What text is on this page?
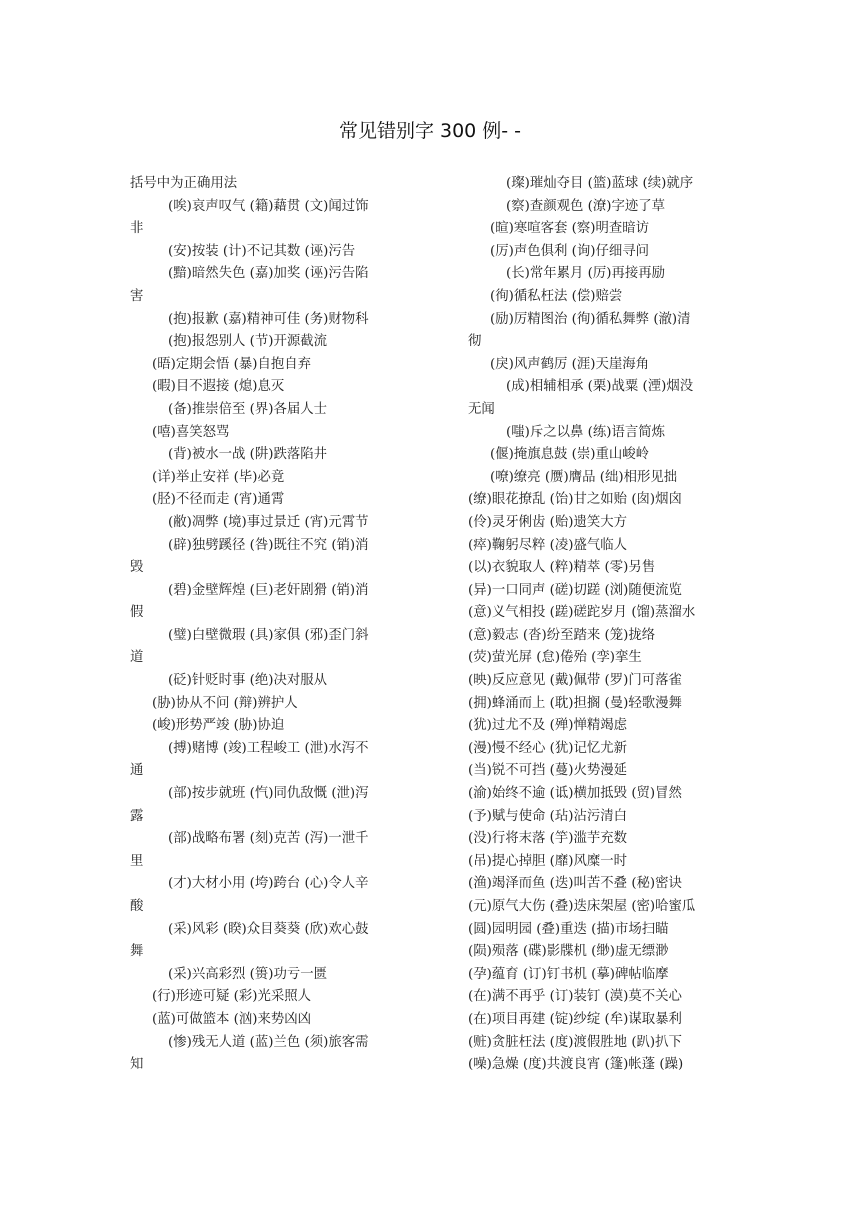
常见错别字 300 例- -
括号中为正确用法
(唉)哀声叹气 (籍)藉贯 (文)闻过饰
非
(安)按装 (计)不记其数 (诬)污告
(黯)暗然失色 (嘉)加奖 (诬)污告陷
害
(抱)报歉 (嘉)精神可佳 (务)财物科
(抱)报怨别人 (节)开源截流
(晤)定期会悟 (暴)自抱自弃
(暇)目不遐接 (熄)息灭
(备)推崇倍至 (界)各届人士
(嘻)喜笑怒骂
(背)被水一战 (阱)跌落陷井
(详)举止安祥 (毕)必竟
(胫)不径而走 (宵)通霄
(敝)凋弊 (境)事过景迁 (宵)元霄节
(辟)独劈蹊径 (咎)既往不究 (销)消
毁
(碧)金壁辉煌 (巨)老奸剧猾 (销)消
假
(璧)白壁微瑕 (具)家俱 (邪)歪门斜
道
(砭)针贬时事 (绝)决对服从
(胁)协从不问 (辩)辨护人
(峻)形势严竣 (胁)协迫
(搏)赌博 (竣)工程峻工 (泄)水泻不
通
(部)按步就班 (忾)同仇敌慨 (泄)泻
露
(部)战略布署 (刻)克苦 (泻)一泄千
里
(才)大材小用 (垮)跨台 (心)令人辛
酸
(采)风彩 (睽)众目葵葵 (欣)欢心鼓
舞
(采)兴高彩烈 (篑)功亏一匮
(行)形迹可疑 (彩)光采照人
(蓝)可做篮本 (汹)来势凶凶
(惨)残无人道 (蓝)兰色 (须)旅客需
知
(璨)璀灿夺目 (篮)蓝球 (续)就序
(察)查颜观色 (潦)字迹了草
(暄)寒喧客套 (察)明查暗访
(厉)声色俱利 (询)仔细寻问
(长)常年累月 (厉)再接再励
(徇)循私枉法 (偿)赔尝
(励)厉精图治 (徇)循私舞弊 (澈)清
彻
(戾)风声鹤厉 (涯)天崖海角
(成)相辅相承 (栗)战粟 (湮)烟没
无闻
(嗤)斥之以鼻 (练)语言简炼
(偃)掩旗息鼓 (崇)重山峻岭
(嘹)缭亮 (赝)膺品 (绌)相形见拙
(缭)眼花撩乱 (饴)甘之如贻 (囱)烟囟
(伶)灵牙俐齿 (贻)遗笑大方
(瘁)鞠躬尽粹 (凌)盛气临人
(以)衣貌取人 (粹)精萃 (零)另售
(异)一口同声 (磋)切蹉 (浏)随便流览
(意)义气相投 (蹉)磋跎岁月 (馏)蒸溜水
(意)毅志 (沓)纷至踏来 (笼)拢络
(荧)萤光屏 (怠)倦殆 (孪)挛生
(映)反应意见 (戴)佩带 (罗)门可落雀
(拥)蜂涌而上 (耽)担搁 (曼)轻歌漫舞
(犹)过尤不及 (殚)惮精竭虑
(漫)慢不经心 (犹)记忆尤新
(当)锐不可挡 (蔓)火势漫延
(渝)始终不逾 (诋)横加抵毁 (贸)冒然
(予)赋与使命 (玷)沾污清白
(没)行将末落 (竽)滥芋充数
(吊)提心掉胆 (靡)风糜一时
(渔)竭泽而鱼 (迭)叫苦不叠 (秘)密诀
(元)原气大伤 (叠)迭床架屋 (密)哈蜜瓜
(圆)园明园 (叠)重迭 (描)市场扫瞄
(陨)殒落 (碟)影牒机 (缈)虚无缥渺
(孕)蕴育 (订)钉书机 (摹)碑帖临摩
(在)满不再乎 (订)装钉 (漠)莫不关心
(在)项目再建 (锭)纱绽 (牟)谋取暴利
(赃)贪脏枉法 (度)渡假胜地 (趴)扒下
(噪)急燥 (度)共渡良宵 (篷)帐蓬 (躁)
